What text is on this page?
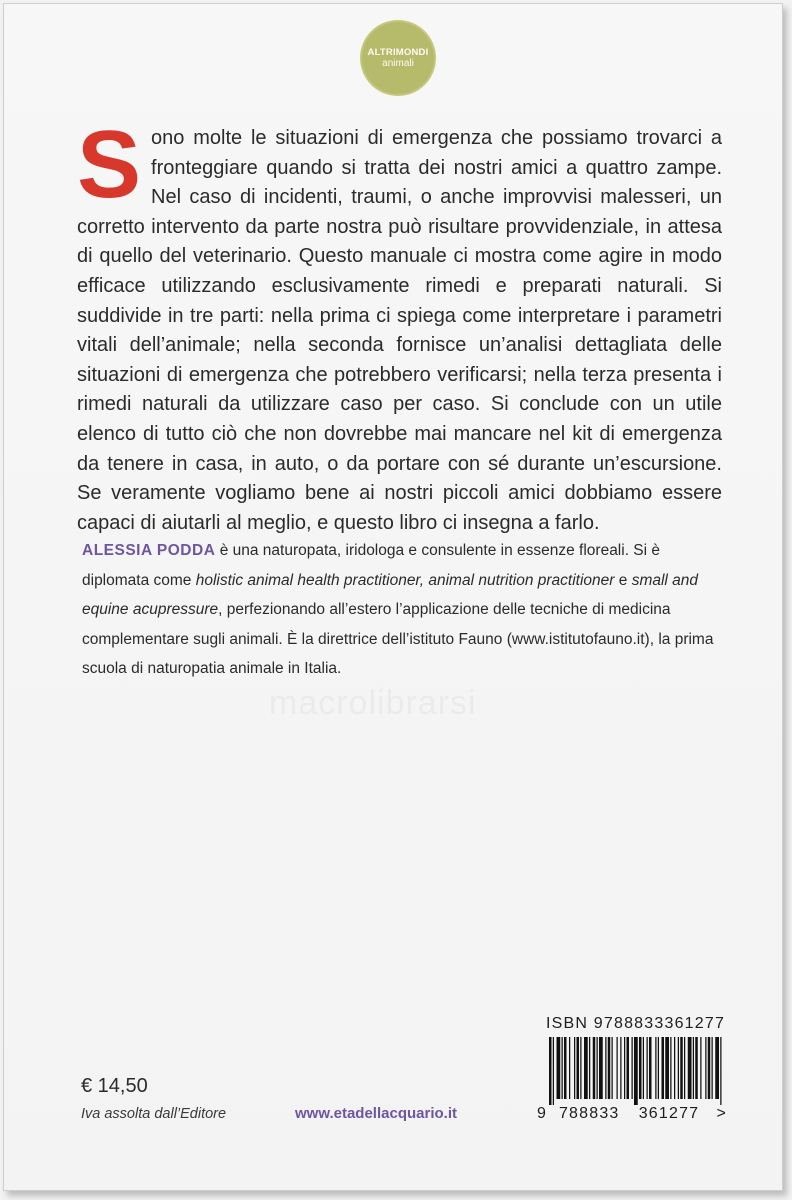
ALTRIMONDI
animali
S ono molte le situazioni di emergenza che possiamo trovarci a fronteggiare quando si tratta dei nostri amici a quattro zampe. Nel caso di incidenti, traumi, o anche improvvisi malesseri, un corretto intervento da parte nostra può risultare provvidenziale, in attesa di quello del veterinario. Questo manuale ci mostra come agire in modo efficace utilizzando esclusivamente rimedi e preparati naturali. Si suddivide in tre parti: nella prima ci spiega come interpretare i parametri vitali dell’animale; nella seconda fornisce un’analisi dettagliata delle situazioni di emergenza che potrebbero verificarsi; nella terza presenta i rimedi naturali da utilizzare caso per caso. Si conclude con un utile elenco di tutto ciò che non dovrebbe mai mancare nel kit di emergenza da tenere in casa, in auto, o da portare con sé durante un’escursione. Se veramente vogliamo bene ai nostri piccoli amici dobbiamo essere capaci di aiutarli al meglio, e questo libro ci insegna a farlo.
ALESSIA PODDA è una naturopata, iridologa e consulente in essenze floreali. Si è diplomata come holistic animal health practitioner, animal nutrition practitioner e small and equine acupressure, perfezionando all’estero l’applicazione delle tecniche di medicina complementare sugli animali. È la direttrice dell’istituto Fauno (www.istitutofauno.it), la prima scuola di naturopatia animale in Italia.
macrolibrarsi
ISBN 9788833361277
9 788833	361277	>
€ 14,50
Iva assolta dall’Editore	www.etadellacquario.it
